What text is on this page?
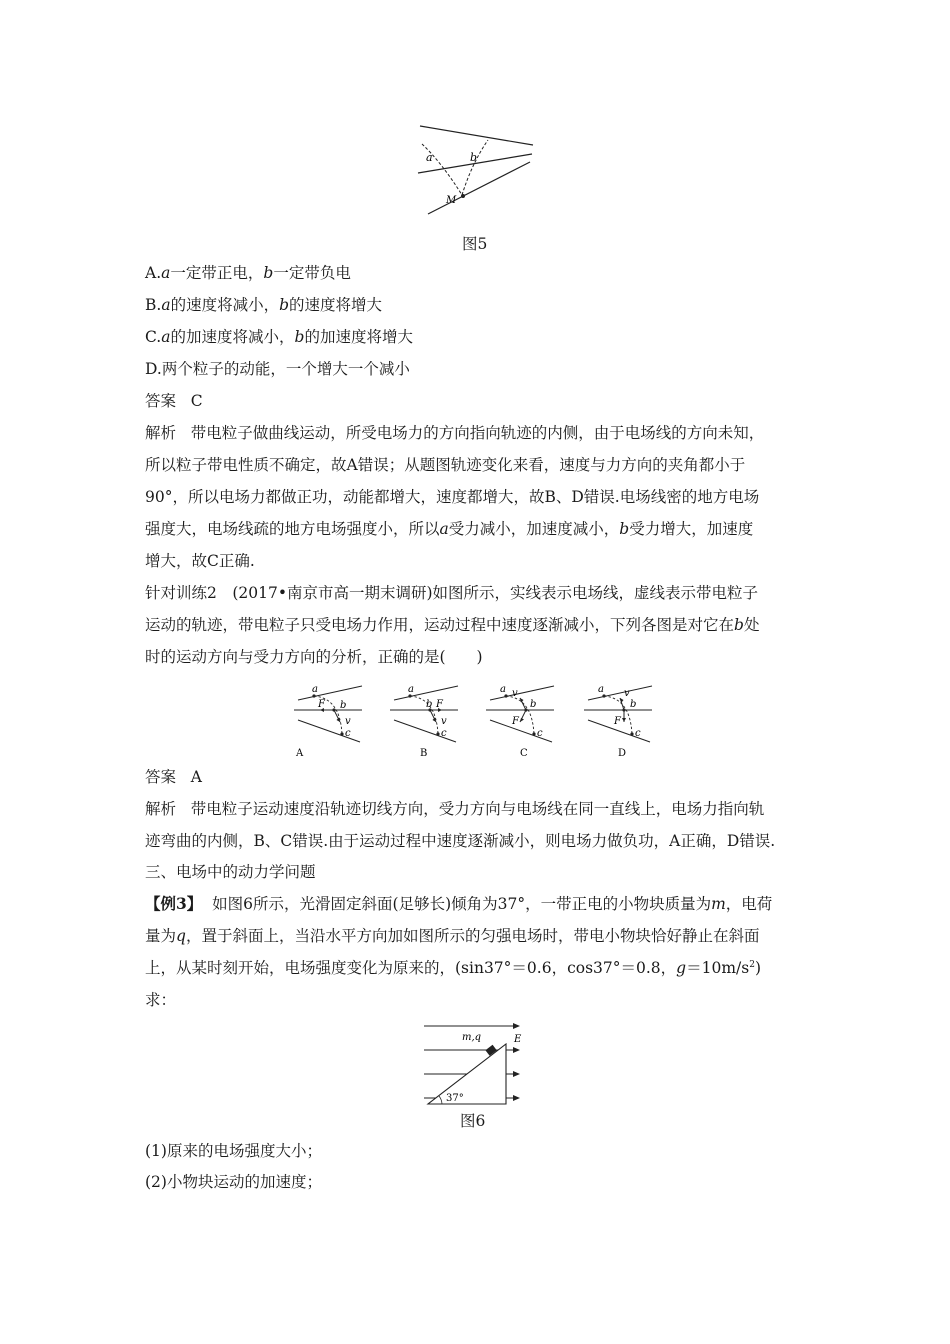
a	b
M
图5
A.a一定带正电，b一定带负电
B.a的速度将减小，b的速度将增大
C.a的加速度将减小，b的加速度将增大
D.两个粒子的动能，一个增大一个减小
答案 C
解析 带电粒子做曲线运动，所受电场力的方向指向轨迹的内侧，由于电场线的方向未知，
所以粒子带电性质不确定，故A错误；从题图轨迹变化来看，速度与力方向的夹角都小于
90°，所以电场力都做正功，动能都增大，速度都增大，故B、D错误.电场线密的地方电场
强度大，电场线疏的地方电场强度小，所以a受力减小，加速度减小，b受力增大，加速度
增大，故C正确.
针对训练2　(2017•南京市高一期末调研)如图所示，实线表示电场线，虚线表示带电粒子
运动的轨迹，带电粒子只受电场力作用，运动过程中速度逐渐减小，下列各图是对它在b处
时的运动方向与受力方向的分析，正确的是(　　)
a
F b
v
c
A
a
b F
v
c
B
a v
b
F
c
C
a v
b
F
c
D
答案 A
解析 带电粒子运动速度沿轨迹切线方向，受力方向与电场线在同一直线上，电场力指向轨
迹弯曲的内侧，B、C错误.由于运动过程中速度逐渐减小，则电场力做负功，A正确，D错误.
三、电场中的动力学问题
【例3】 如图6所示，光滑固定斜面(足够长)倾角为37°，一带正电的小物块质量为m，电荷
量为q，置于斜面上，当沿水平方向加如图所示的匀强电场时，带电小物块恰好静止在斜面
上，从某时刻开始，电场强度变化为原来的，(sin37°＝0.6，cos37°＝0.8，$g=10m/s^2$)
求：
m,q	E
37°
图6
(1)原来的电场强度大小；
(2)小物块运动的加速度；
